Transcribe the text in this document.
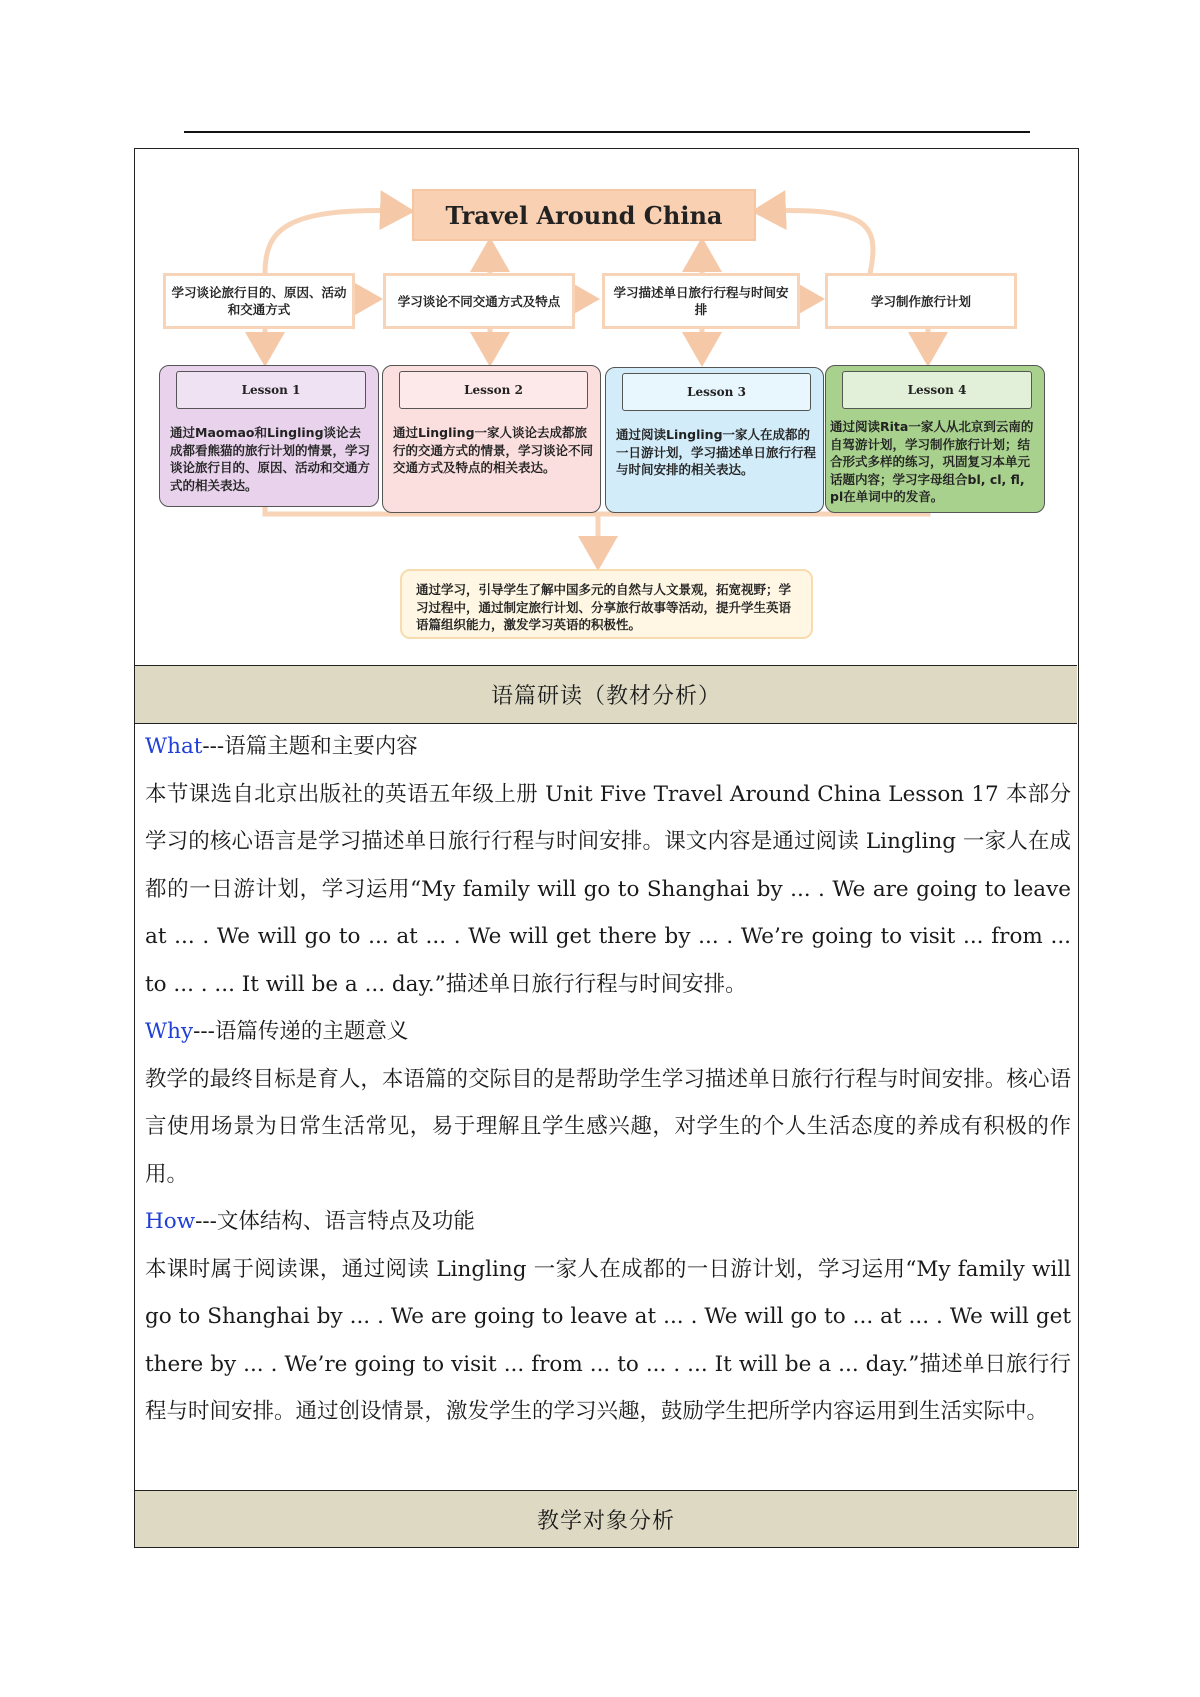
Travel Around China
学习谈论旅行目的、原因、活动和交通方式
学习谈论不同交通方式及特点
学习描述单日旅行行程与时间安排
学习制作旅行计划
Lesson 1
通过Maomao和Lingling谈论去成都看熊猫的旅行计划的情景，学习谈论旅行目的、原因、活动和交通方式的相关表达。
Lesson 2
通过Lingling一家人谈论去成都旅行的交通方式的情景，学习谈论不同交通方式及特点的相关表达。
Lesson 3
通过阅读Lingling一家人在成都的一日游计划，学习描述单日旅行行程与时间安排的相关表达。
Lesson 4
通过阅读Rita一家人从北京到云南的自驾游计划，学习制作旅行计划；结合形式多样的练习，巩固复习本单元话题内容；学习字母组合bl, cl, fl, pl在单词中的发音。
通过学习，引导学生了解中国多元的自然与人文景观，拓宽视野；学习过程中，通过制定旅行计划、分享旅行故事等活动，提升学生英语语篇组织能力，激发学习英语的积极性。
语篇研读（教材分析）

What---语篇主题和主要内容

本节课选自北京出版社的英语五年级上册 Unit Five Travel Around China Lesson 17 本部分学习的核心语言是学习描述单日旅行行程与时间安排。课文内容是通过阅读 Lingling 一家人在成都的一日游计划，学习运用“My family will go to Shanghai by ... . We are going to leave at ... . We will go to ... at ... . We will get there by ... . We’re going to visit ... from ... to ... . ... It will be a ... day.”描述单日旅行行程与时间安排。

Why---语篇传递的主题意义

教学的最终目标是育人，本语篇的交际目的是帮助学生学习描述单日旅行行程与时间安排。核心语言使用场景为日常生活常见，易于理解且学生感兴趣，对学生的个人生活态度的养成有积极的作用。

How---文体结构、语言特点及功能

本课时属于阅读课，通过阅读 Lingling 一家人在成都的一日游计划，学习运用“My family will go to Shanghai by ... . We are going to leave at ... . We will go to ... at ... . We will get there by ... . We’re going to visit ... from ... to ... . ... It will be a ... day.”描述单日旅行行程与时间安排。通过创设情景，激发学生的学习兴趣，鼓励学生把所学内容运用到生活实际中。

教学对象分析
